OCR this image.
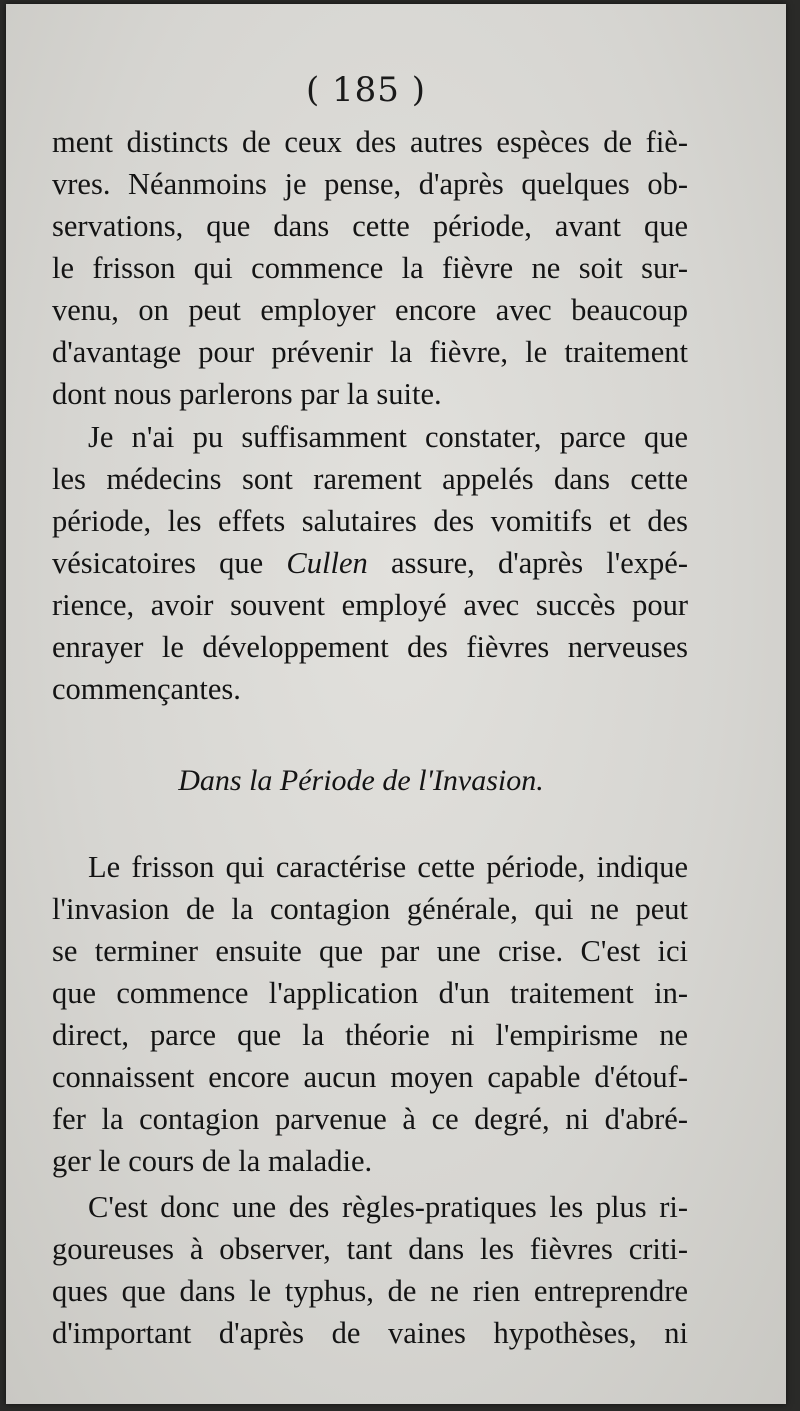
( 185 )
ment distincts de ceux des autres espèces de fiè-
vres. Néanmoins je pense, d'après quelques ob-
servations, que dans cette période, avant que
le frisson qui commence la fièvre ne soit sur-
venu, on peut employer encore avec beaucoup
d'avantage pour prévenir la fièvre, le traitement
dont nous parlerons par la suite.
Je n'ai pu suffisamment constater, parce que
les médecins sont rarement appelés dans cette
période, les effets salutaires des vomitifs et des
vésicatoires que Cullen assure, d'après l'expé-
rience, avoir souvent employé avec succès pour
enrayer le développement des fièvres nerveuses
commençantes.
Dans la Période de l'Invasion.
Le frisson qui caractérise cette période, indique
l'invasion de la contagion générale, qui ne peut
se terminer ensuite que par une crise. C'est ici
que commence l'application d'un traitement in-
direct, parce que la théorie ni l'empirisme ne
connaissent encore aucun moyen capable d'étouf-
fer la contagion parvenue à ce degré, ni d'abré-
ger le cours de la maladie.
C'est donc une des règles-pratiques les plus ri-
goureuses à observer, tant dans les fièvres criti-
ques que dans le typhus, de ne rien entreprendre
d'important d'après de vaines hypothèses, ni
